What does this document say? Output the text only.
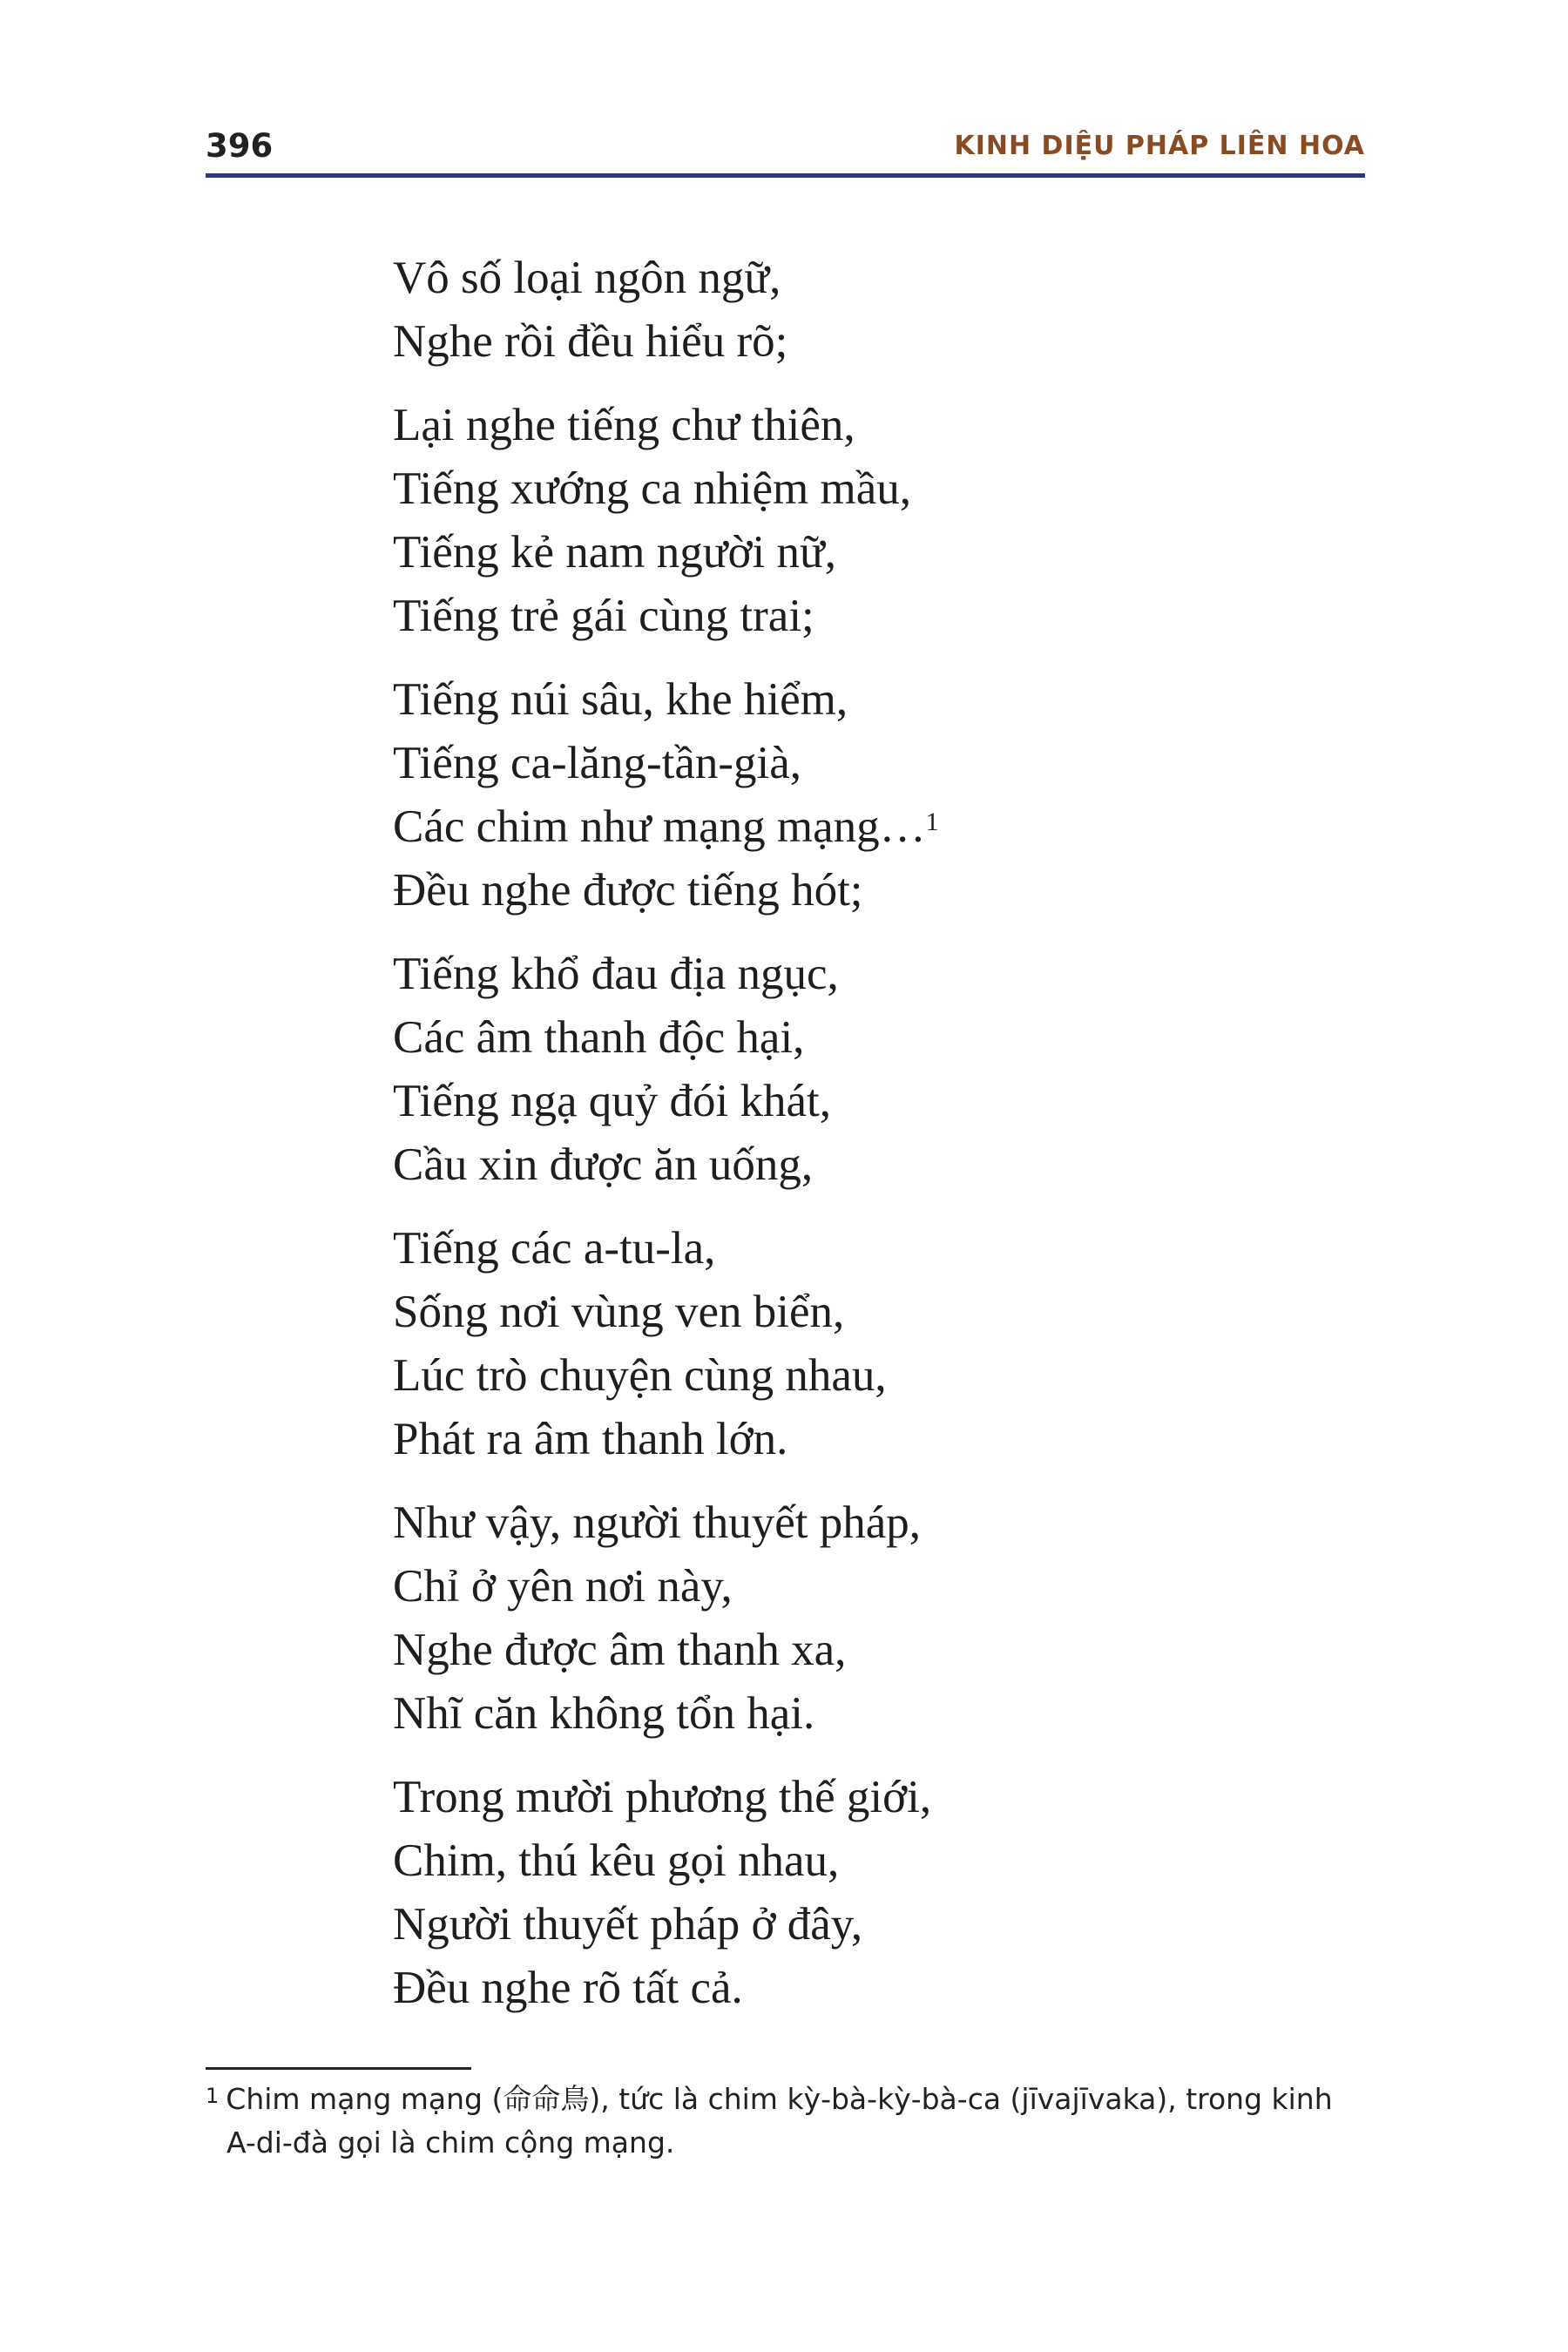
396	KINH DIỆU PHÁP LIÊN HOA
Vô số loại ngôn ngữ,
Nghe rồi đều hiểu rõ;
Lại nghe tiếng chư thiên,
Tiếng xướng ca nhiệm mầu,
Tiếng kẻ nam người nữ,
Tiếng trẻ gái cùng trai;
Tiếng núi sâu, khe hiểm,
Tiếng ca-lăng-tần-già,
Các chim như mạng mạng…$^1$
Đều nghe được tiếng hót;
Tiếng khổ đau địa ngục,
Các âm thanh độc hại,
Tiếng ngạ quỷ đói khát,
Cầu xin được ăn uống,
Tiếng các a-tu-la,
Sống nơi vùng ven biển,
Lúc trò chuyện cùng nhau,
Phát ra âm thanh lớn.
Như vậy, người thuyết pháp,
Chỉ ở yên nơi này,
Nghe được âm thanh xa,
Nhĩ căn không tổn hại.
Trong mười phương thế giới,
Chim, thú kêu gọi nhau,
Người thuyết pháp ở đây,
Đều nghe rõ tất cả.
$^1$ Chim mạng mạng (命命鳥), tức là chim kỳ-bà-kỳ-bà-ca (jīvajīvaka), trong kinh
A-di-đà gọi là chim cộng mạng.
